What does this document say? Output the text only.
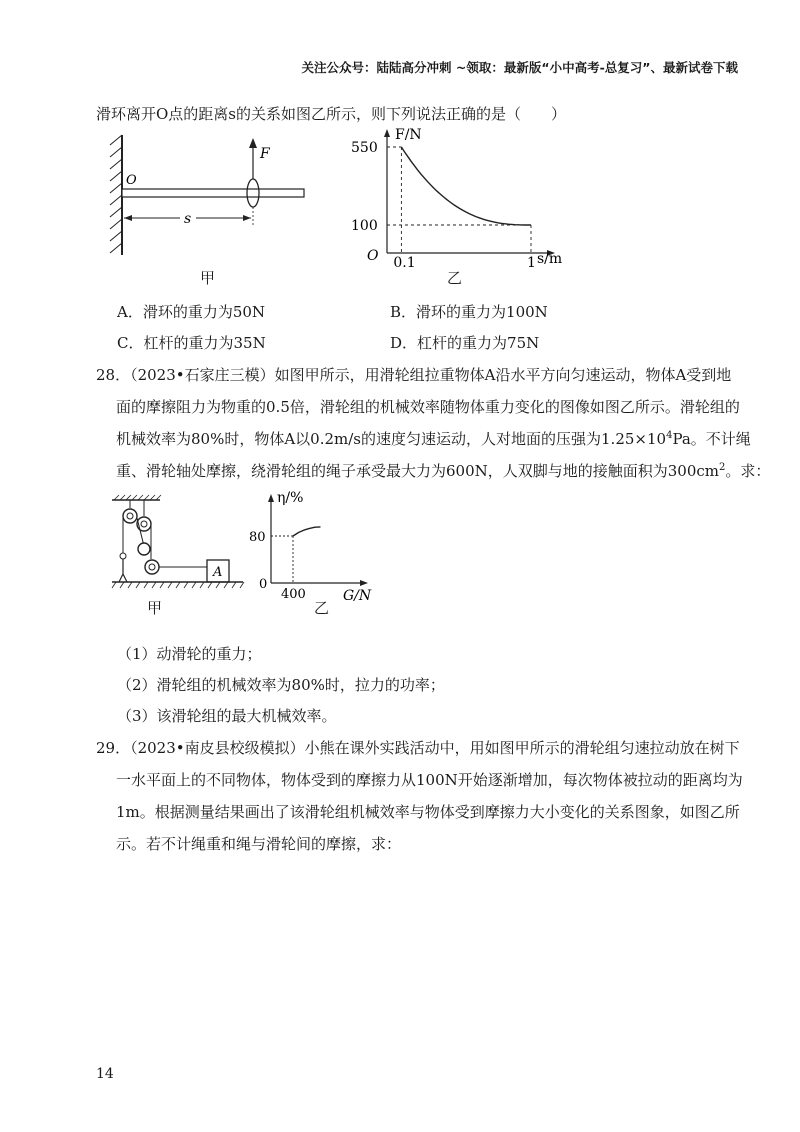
关注公众号：陆陆高分冲刺 ~领取：最新版“小中高考-总复习”、最新试卷下载
滑环离开O点的距离s的关系如图乙所示，则下列说法正确的是（　　）
F
O
s
甲
F/N
s/m
O
550
100
0.1	1
乙
A．滑环的重力为50N	B．滑环的重力为100N
C．杠杆的重力为35N	D．杠杆的重力为75N
28．（2023•石家庄三模）如图甲所示，用滑轮组拉重物体A沿水平方向匀速运动，物体A受到地
面的摩擦阻力为物重的0.5倍，滑轮组的机械效率随物体重力变化的图像如图乙所示。滑轮组的
机械效率为80%时，物体A以0.2m/s的速度匀速运动，人对地面的压强为$1.25\times 10^4Pa$。不计绳
重、滑轮轴处摩擦，绕滑轮组的绳子承受最大力为600N，人双脚与地的接触面积为$300cm^2$。求：
A
甲
η/%
G/N
0
80
400
乙
（1）动滑轮的重力；
（2）滑轮组的机械效率为80%时，拉力的功率；
（3）该滑轮组的最大机械效率。
29．（2023•南皮县校级模拟）小熊在课外实践活动中，用如图甲所示的滑轮组匀速拉动放在树下
一水平面上的不同物体，物体受到的摩擦力从100N开始逐渐增加，每次物体被拉动的距离均为
1m。根据测量结果画出了该滑轮组机械效率与物体受到摩擦力大小变化的关系图象，如图乙所
示。若不计绳重和绳与滑轮间的摩擦，求：
14
